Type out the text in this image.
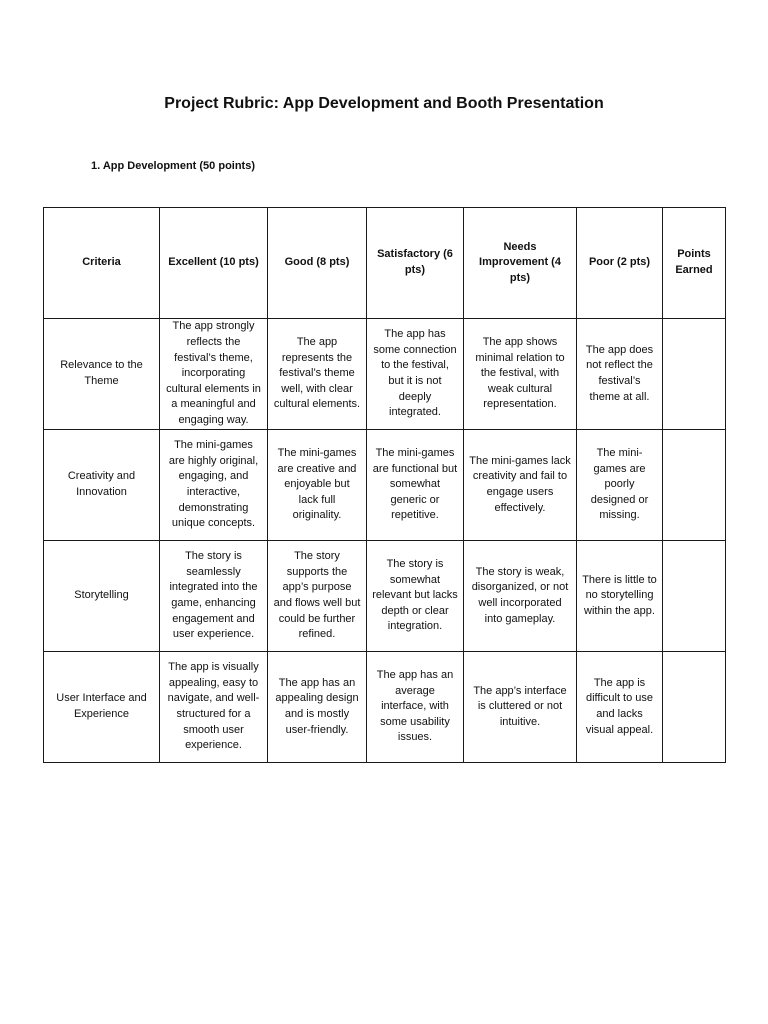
Project Rubric: App Development and Booth Presentation
1. App Development (50 points)
Criteria	Excellent (10 pts)	Good (8 pts)	Satisfactory (6 pts)	Needs Improvement (4 pts)	Poor (2 pts)	Points Earned
Relevance to the Theme	The app strongly reflects the festival’s theme, incorporating cultural elements in a meaningful and engaging way.	The app represents the festival’s theme well, with clear cultural elements.	The app has some connection to the festival, but it is not deeply integrated.	The app shows minimal relation to the festival, with weak cultural representation.	The app does not reflect the festival’s theme at all.	
Creativity and Innovation	The mini-games are highly original, engaging, and interactive, demonstrating unique concepts.	The mini-games are creative and enjoyable but lack full originality.	The mini-games are functional but somewhat generic or repetitive.	The mini-games lack creativity and fail to engage users effectively.	The mini-games are poorly designed or missing.	
Storytelling	The story is seamlessly integrated into the game, enhancing engagement and user experience.	The story supports the app’s purpose and flows well but could be further refined.	The story is somewhat relevant but lacks depth or clear integration.	The story is weak, disorganized, or not well incorporated into gameplay.	There is little to no storytelling within the app.	
User Interface and Experience	The app is visually appealing, easy to navigate, and well-structured for a smooth user experience.	The app has an appealing design and is mostly user-friendly.	The app has an average interface, with some usability issues.	The app’s interface is cluttered or not intuitive.	The app is difficult to use and lacks visual appeal.	
